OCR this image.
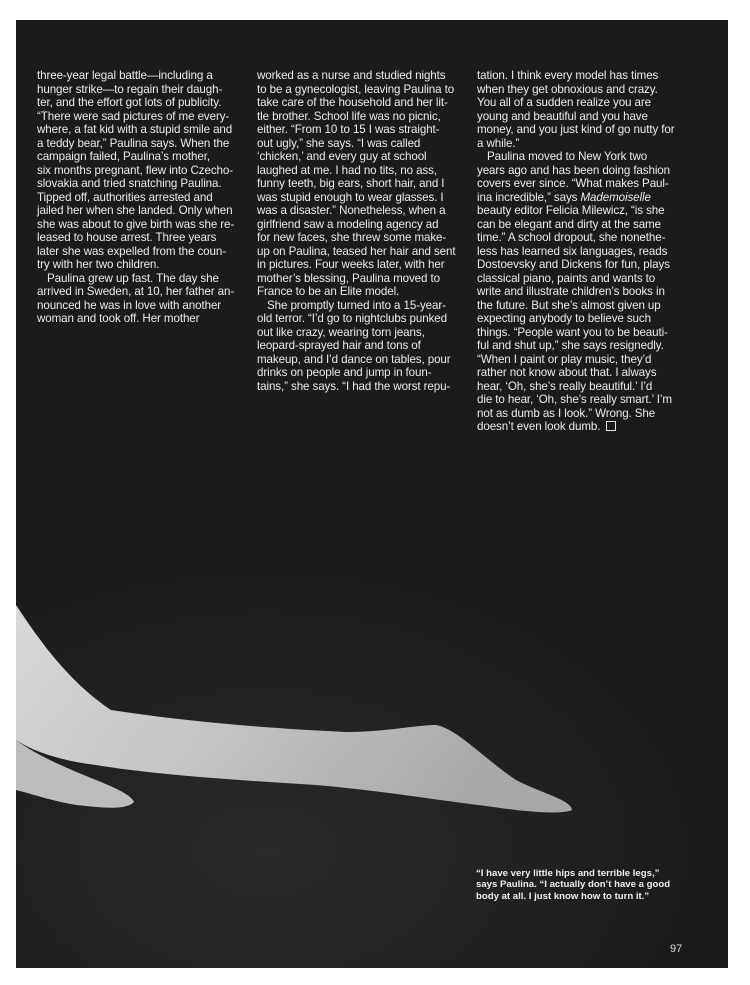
three-year legal battle—including a
hunger strike—to regain their daugh-
ter, and the effort got lots of publicity.
“There were sad pictures of me every-
where, a fat kid with a stupid smile and
a teddy bear,” Paulina says. When the
campaign failed, Paulina’s mother,
six months pregnant, flew into Czecho-
slovakia and tried snatching Paulina.
Tipped off, authorities arrested and
jailed her when she landed. Only when
she was about to give birth was she re-
leased to house arrest. Three years
later she was expelled from the coun-
try with her two children.
Paulina grew up fast. The day she
arrived in Sweden, at 10, her father an-
nounced he was in love with another
woman and took off. Her mother
worked as a nurse and studied nights
to be a gynecologist, leaving Paulina to
take care of the household and her lit-
tle brother. School life was no picnic,
either. “From 10 to 15 I was straight-
out ugly,” she says. “I was called
‘chicken,’ and every guy at school
laughed at me. I had no tits, no ass,
funny teeth, big ears, short hair, and I
was stupid enough to wear glasses. I
was a disaster.” Nonetheless, when a
girlfriend saw a modeling agency ad
for new faces, she threw some make-
up on Paulina, teased her hair and sent
in pictures. Four weeks later, with her
mother’s blessing, Paulina moved to
France to be an Elite model.
She promptly turned into a 15-year-
old terror. “I’d go to nightclubs punked
out like crazy, wearing torn jeans,
leopard-sprayed hair and tons of
makeup, and I’d dance on tables, pour
drinks on people and jump in foun-
tains,” she says. “I had the worst repu-
tation. I think every model has times
when they get obnoxious and crazy.
You all of a sudden realize you are
young and beautiful and you have
money, and you just kind of go nutty for
a while.”
Paulina moved to New York two
years ago and has been doing fashion
covers ever since. “What makes Paul-
ina incredible,” says Mademoiselle
beauty editor Felicia Milewicz, “is she
can be elegant and dirty at the same
time.” A school dropout, she nonethe-
less has learned six languages, reads
Dostoevsky and Dickens for fun, plays
classical piano, paints and wants to
write and illustrate children’s books in
the future. But she’s almost given up
expecting anybody to believe such
things. “People want you to be beauti-
ful and shut up,” she says resignedly.
“When I paint or play music, they’d
rather not know about that. I always
hear, ‘Oh, she’s really beautiful.’ I’d
die to hear, ‘Oh, she’s really smart.’ I’m
not as dumb as I look.” Wrong. She
doesn’t even look dumb.
“I have very little hips and terrible legs,”
says Paulina. “I actually don’t have a good
body at all. I just know how to turn it.”
97
